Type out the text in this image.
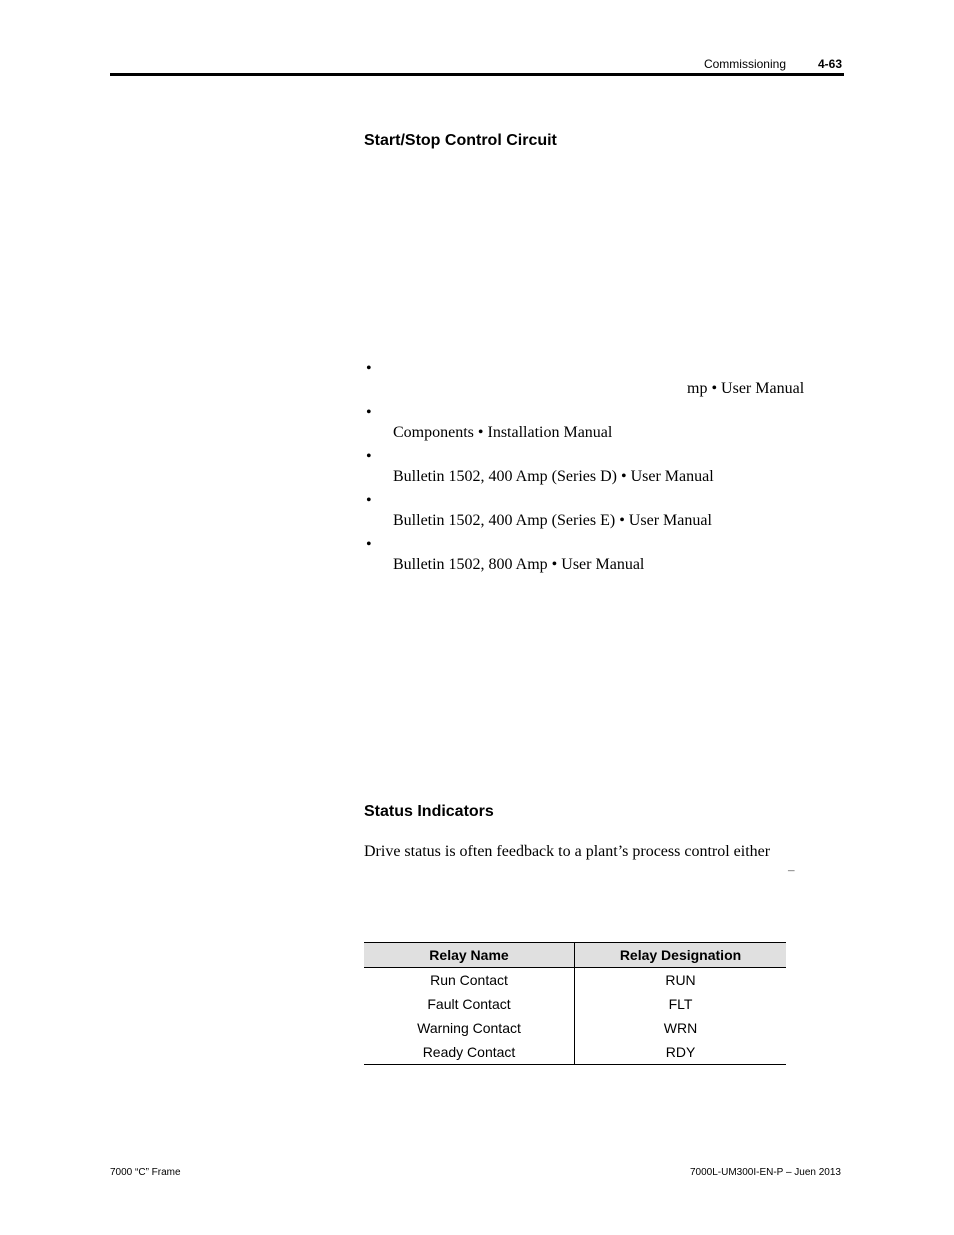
Commissioning	4-63
Start/Stop Control Circuit
•
mp • User Manual
•
Components • Installation Manual
•
Bulletin 1502, 400 Amp (Series D) • User Manual
•
Bulletin 1502, 400 Amp (Series E) • User Manual
•
Bulletin 1502, 800 Amp • User Manual
Status Indicators
Drive status is often feedback to a plant’s process control either
–
Relay Name	Relay Designation
Run Contact	RUN
Fault Contact	FLT
Warning Contact	WRN
Ready Contact	RDY
7000 “C” Frame	7000L-UM300I-EN-P – Juen 2013
